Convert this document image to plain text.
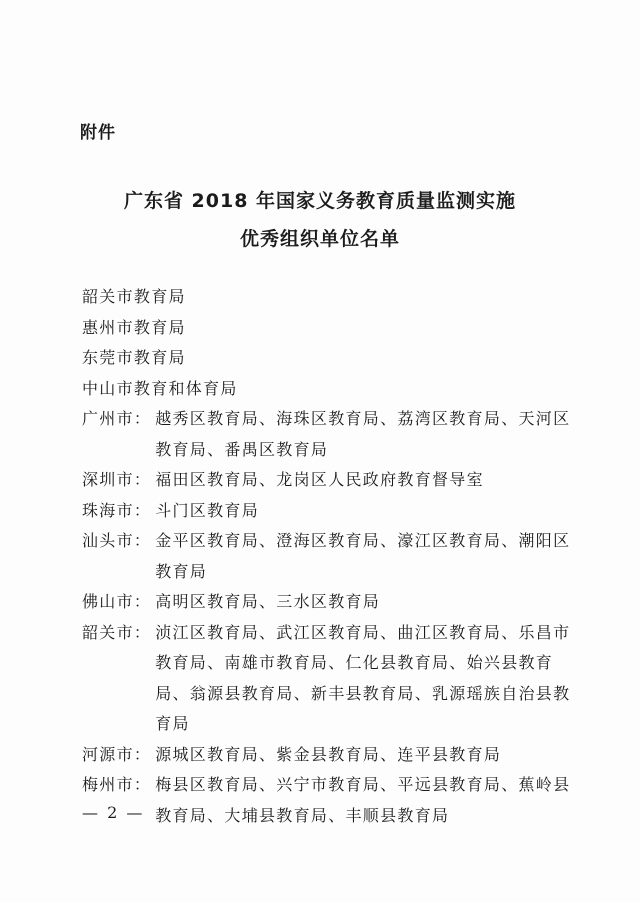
附件
广东省 2018 年国家义务教育质量监测实施
优秀组织单位名单
韶关市教育局
惠州市教育局
东莞市教育局
中山市教育和体育局
广州市： 越秀区教育局、海珠区教育局、荔湾区教育局、天河区教育局、番禺区教育局
深圳市： 福田区教育局、龙岗区人民政府教育督导室
珠海市： 斗门区教育局
汕头市： 金平区教育局、澄海区教育局、濠江区教育局、潮阳区教育局
佛山市： 高明区教育局、三水区教育局
韶关市： 浈江区教育局、武江区教育局、曲江区教育局、乐昌市教育局、南雄市教育局、仁化县教育局、始兴县教育局、翁源县教育局、新丰县教育局、乳源瑶族自治县教育局
河源市： 源城区教育局、紫金县教育局、连平县教育局
梅州市： 梅县区教育局、兴宁市教育局、平远县教育局、蕉岭县教育局、大埔县教育局、丰顺县教育局
— 2 —
